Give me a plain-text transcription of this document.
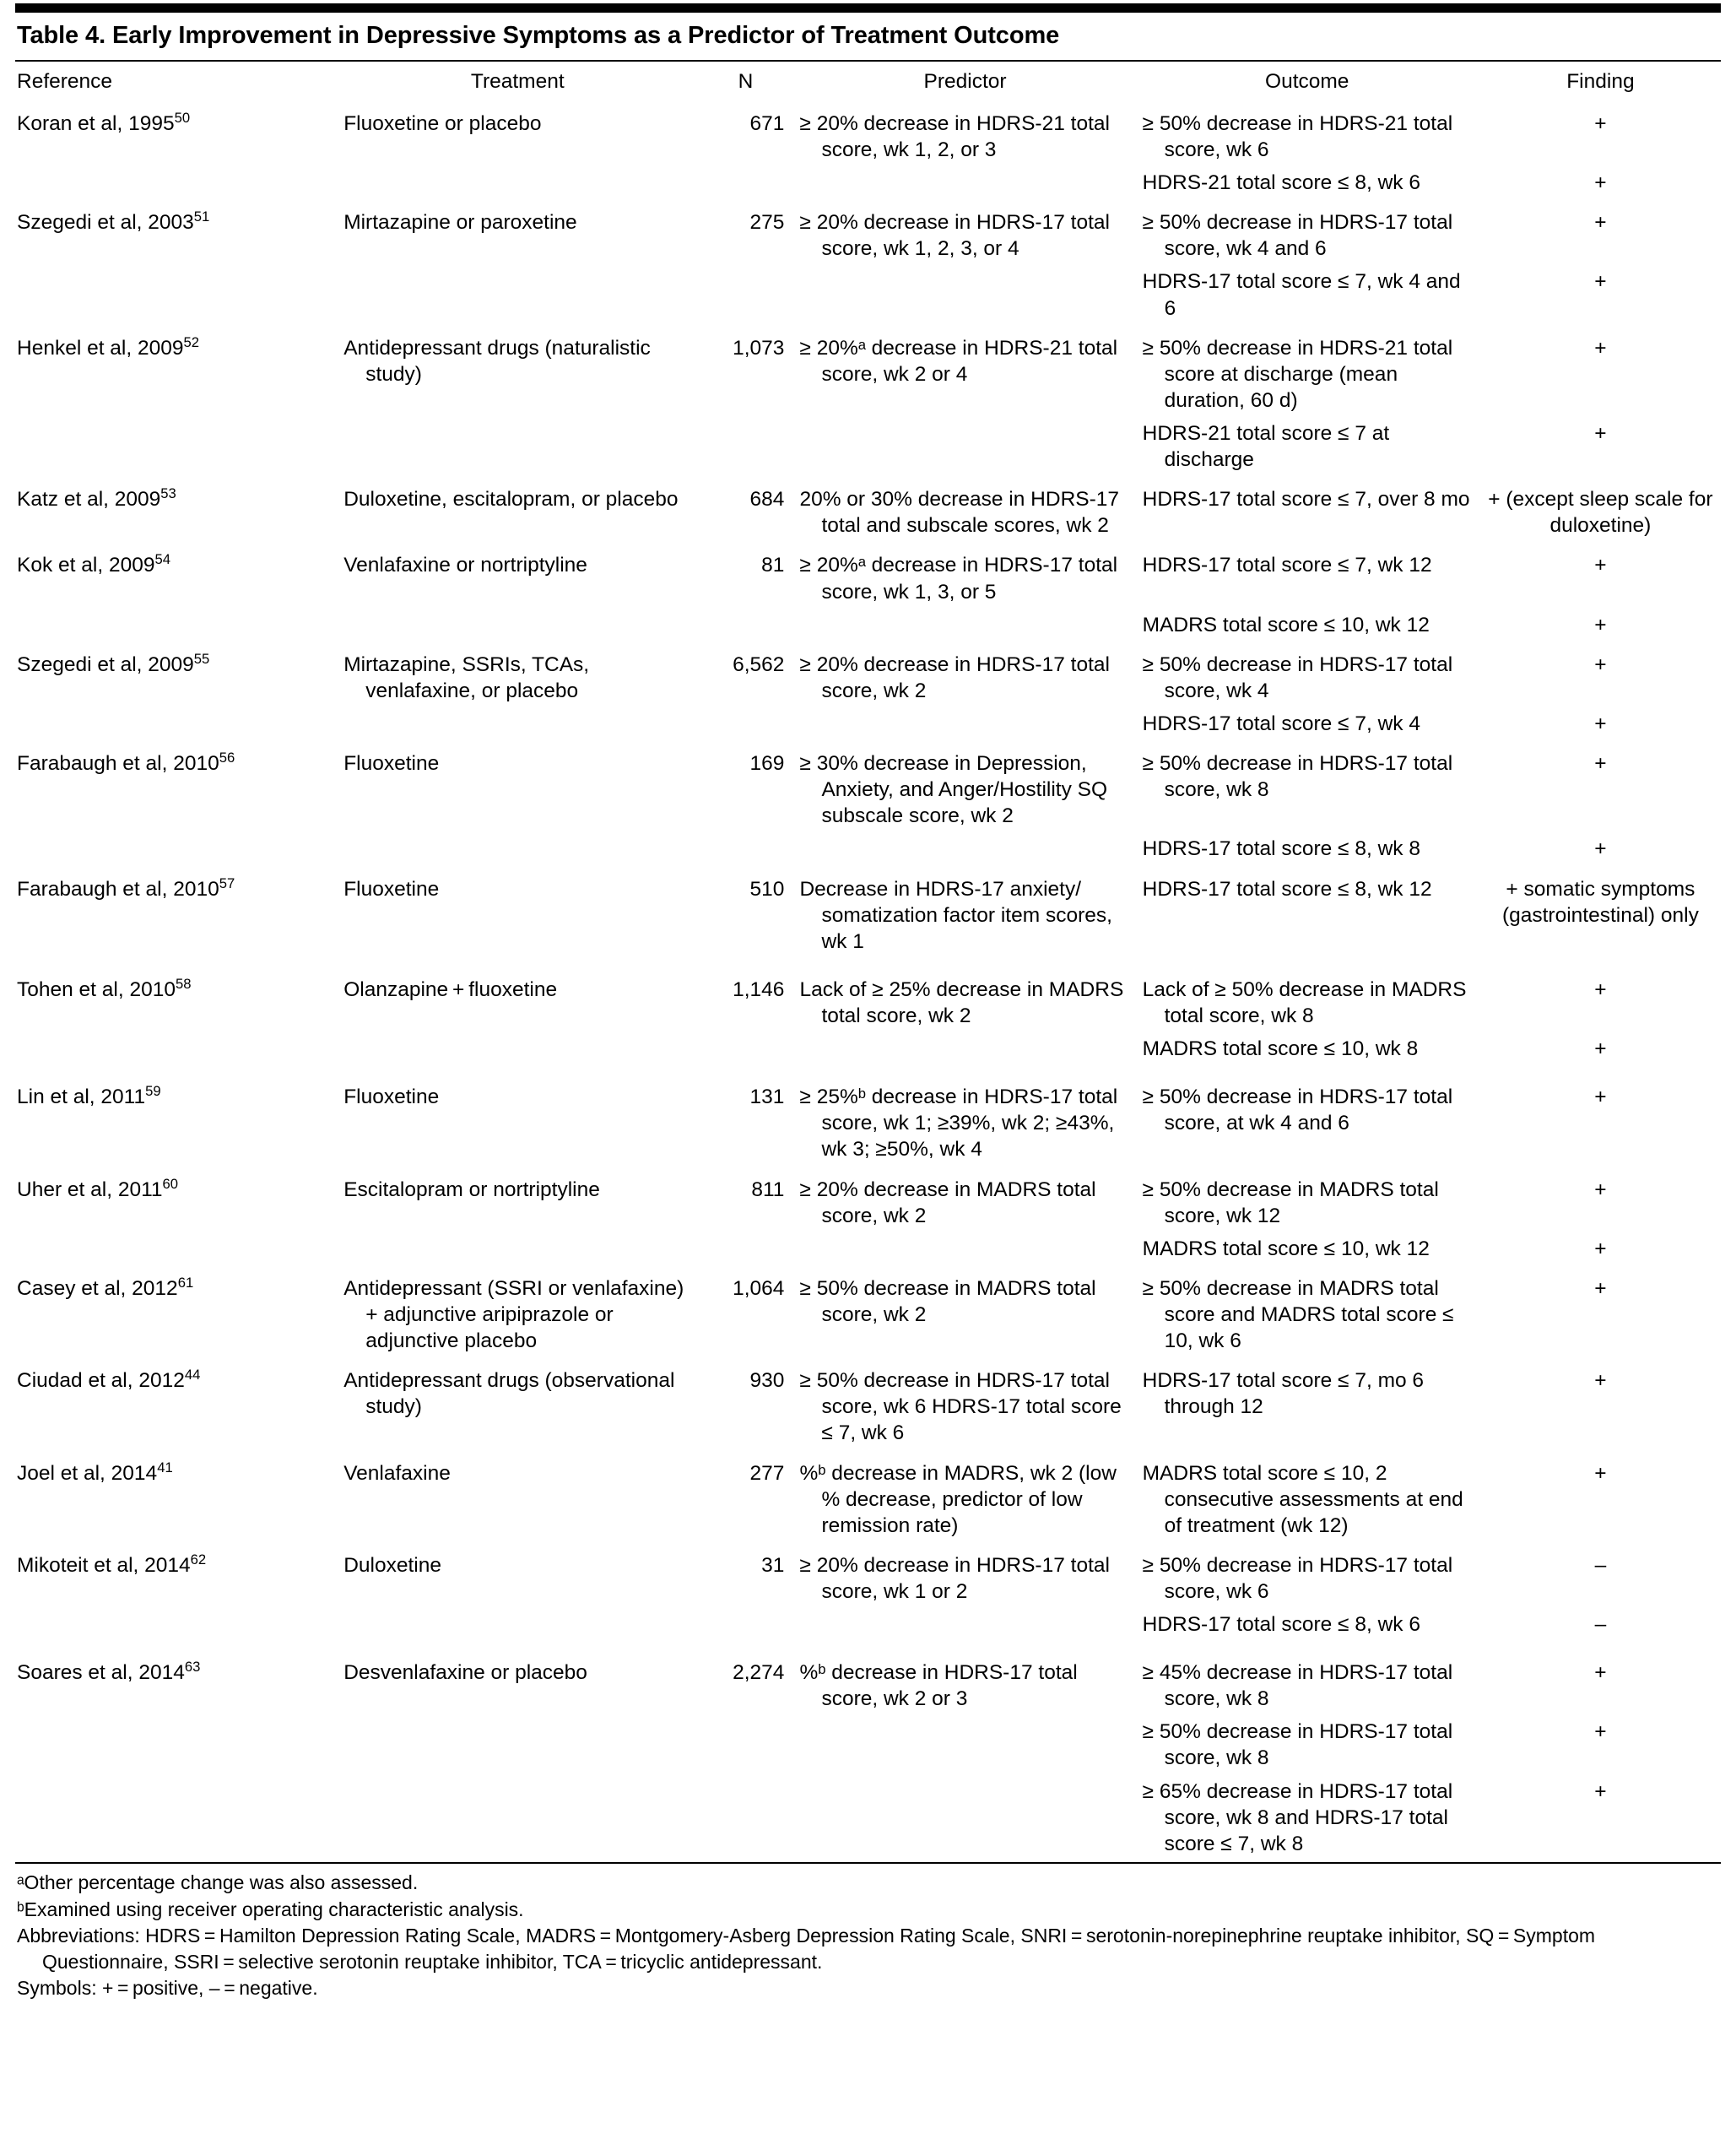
Table 4. Early Improvement in Depressive Symptoms as a Predictor of Treatment Outcome
Reference	Treatment	N	Predictor	Outcome	Finding
Koran et al, 1995$^{50}$	Fluoxetine or placebo	671	≥ 20% decrease in HDRS-21 total score, wk 1, 2, or 3	≥ 50% decrease in HDRS-21 total score, wk 6	+

				HDRS-21 total score ≤ 8, wk 6	+
Szegedi et al, 2003$^{51}$	Mirtazapine or paroxetine	275	≥ 20% decrease in HDRS-17 total score, wk 1, 2, 3, or 4	≥ 50% decrease in HDRS-17 total score, wk 4 and 6	+

				HDRS-17 total score ≤ 7, wk 4 and 6	+
Henkel et al, 2009$^{52}$	Antidepressant drugs (naturalistic study)	1,073	≥ 20%ᵃ decrease in HDRS-21 total score, wk 2 or 4	≥ 50% decrease in HDRS-21 total score at discharge (mean duration, 60 d)	+

				HDRS-21 total score ≤ 7 at discharge	+
Katz et al, 2009$^{53}$	Duloxetine, escitalopram, or placebo	684	20% or 30% decrease in HDRS-17 total and subscale scores, wk 2	HDRS-17 total score ≤ 7, over 8 mo	+ (except sleep scale for duloxetine)
Kok et al, 2009$^{54}$	Venlafaxine or nortriptyline	81	≥ 20%ᵃ decrease in HDRS-17 total score, wk 1, 3, or 5	HDRS-17 total score ≤ 7, wk 12	+

				MADRS total score ≤ 10, wk 12	+
Szegedi et al, 2009$^{55}$	Mirtazapine, SSRIs, TCAs, venlafaxine, or placebo	6,562	≥ 20% decrease in HDRS-17 total score, wk 2	≥ 50% decrease in HDRS-17 total score, wk 4	+

				HDRS-17 total score ≤ 7, wk 4	+
Farabaugh et al, 2010$^{56}$	Fluoxetine	169	≥ 30% decrease in Depression, Anxiety, and Anger/Hostility SQ subscale score, wk 2	≥ 50% decrease in HDRS-17 total score, wk 8	+

				HDRS-17 total score ≤ 8, wk 8	+
Farabaugh et al, 2010$^{57}$	Fluoxetine	510	Decrease in HDRS-17 anxiety/ somatization factor item scores, wk 1	HDRS-17 total score ≤ 8, wk 12	+ somatic symptoms (gastrointestinal) only

Tohen et al, 2010$^{58}$	Olanzapine + fluoxetine	1,146	Lack of ≥ 25% decrease in MADRS total score, wk 2	Lack of ≥ 50% decrease in MADRS total score, wk 8	+

				MADRS total score ≤ 10, wk 8	+

Lin et al, 2011$^{59}$	Fluoxetine	131	≥ 25%ᵇ decrease in HDRS-17 total score, wk 1; ≥39%, wk 2; ≥43%, wk 3; ≥50%, wk 4	≥ 50% decrease in HDRS-17 total score, at wk 4 and 6	+
Uher et al, 2011$^{60}$	Escitalopram or nortriptyline	811	≥ 20% decrease in MADRS total score, wk 2	≥ 50% decrease in MADRS total score, wk 12	+

				MADRS total score ≤ 10, wk 12	+
Casey et al, 2012$^{61}$	Antidepressant (SSRI or venlafaxine) + adjunctive aripiprazole or adjunctive placebo	1,064	≥ 50% decrease in MADRS total score, wk 2	≥ 50% decrease in MADRS total score and MADRS total score ≤ 10, wk 6	+
Ciudad et al, 2012$^{44}$	Antidepressant drugs (observational study)	930	≥ 50% decrease in HDRS-17 total score, wk 6 HDRS-17 total score ≤ 7, wk 6	HDRS-17 total score ≤ 7, mo 6 through 12	+
Joel et al, 2014$^{41}$	Venlafaxine	277	%ᵇ decrease in MADRS, wk 2 (low % decrease, predictor of low remission rate)	MADRS total score ≤ 10, 2 consecutive assessments at end of treatment (wk 12)	+
Mikoteit et al, 2014$^{62}$	Duloxetine	31	≥ 20% decrease in HDRS-17 total score, wk 1 or 2	≥ 50% decrease in HDRS-17 total score, wk 6	–

				HDRS-17 total score ≤ 8, wk 6	–

Soares et al, 2014$^{63}$	Desvenlafaxine or placebo	2,274	%ᵇ decrease in HDRS-17 total score, wk 2 or 3	≥ 45% decrease in HDRS-17 total score, wk 8	+

				≥ 50% decrease in HDRS-17 total score, wk 8	+

				≥ 65% decrease in HDRS-17 total score, wk 8 and HDRS-17 total score ≤ 7, wk 8	+
ᵃOther percentage change was also assessed.
ᵇExamined using receiver operating characteristic analysis.
Abbreviations: HDRS = Hamilton Depression Rating Scale, MADRS = Montgomery-Asberg Depression Rating Scale, SNRI = serotonin-norepinephrine reuptake inhibitor, SQ = Symptom Questionnaire, SSRI = selective serotonin reuptake inhibitor, TCA = tricyclic antidepressant.
Symbols: + = positive, – = negative.
